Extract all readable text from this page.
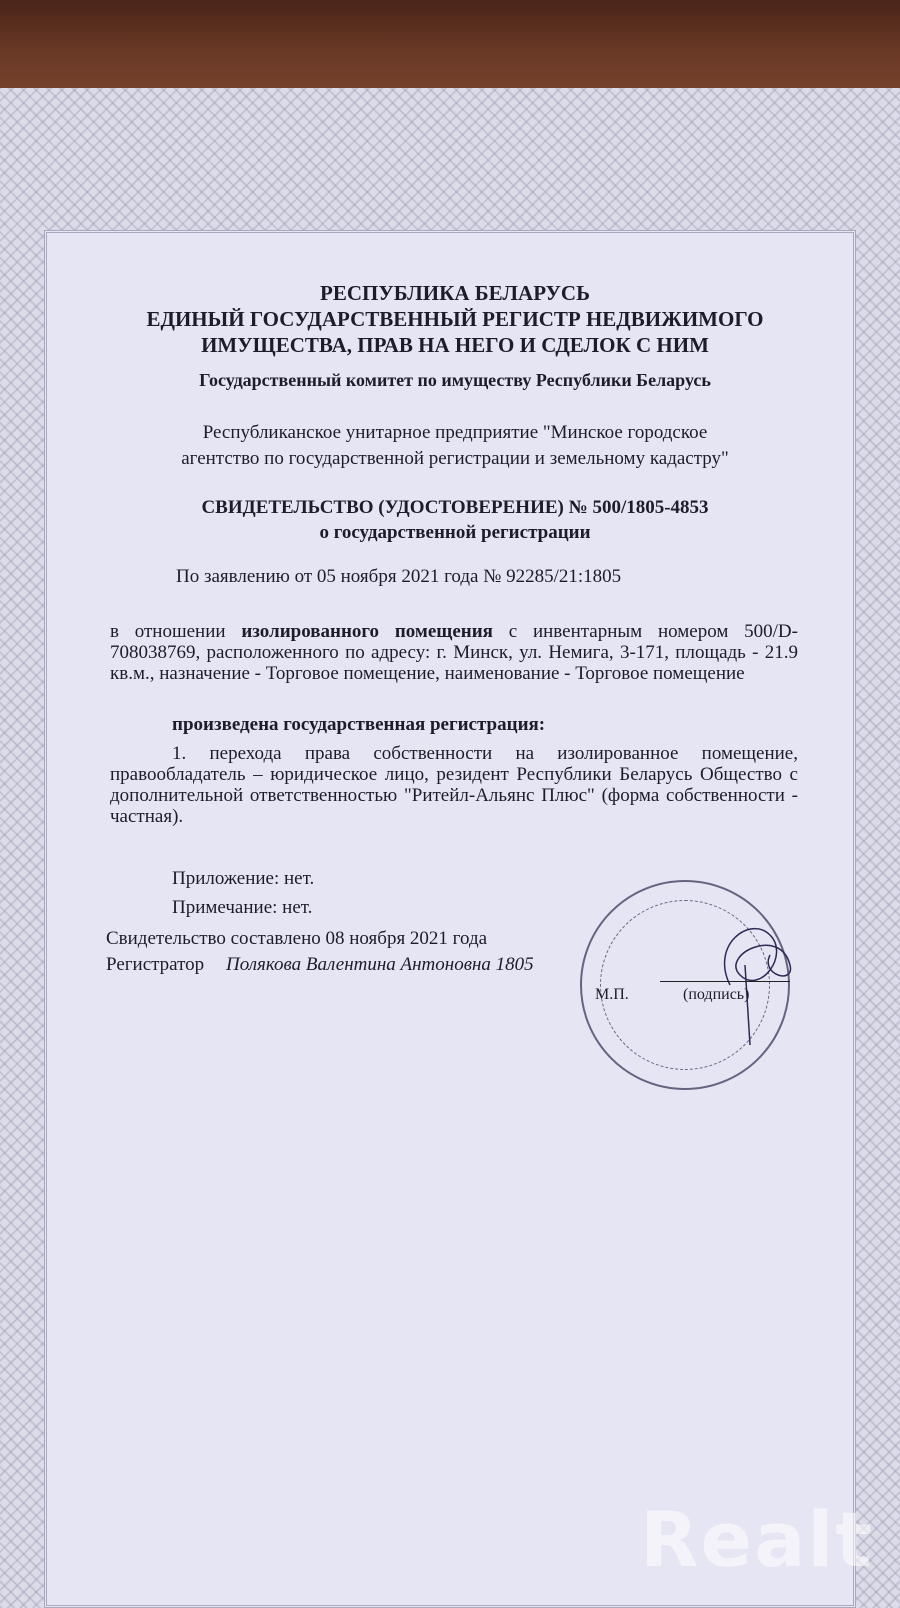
РЕСПУБЛИКА БЕЛАРУСЬ
ЕДИНЫЙ ГОСУДАРСТВЕННЫЙ РЕГИСТР НЕДВИЖИМОГО
ИМУЩЕСТВА, ПРАВ НА НЕГО И СДЕЛОК С НИМ
Государственный комитет по имуществу Республики Беларусь
Республиканское унитарное предприятие "Минское городское
агентство по государственной регистрации и земельному кадастру"
СВИДЕТЕЛЬСТВО (УДОСТОВЕРЕНИЕ) № 500/1805-4853
о государственной регистрации
По заявлению от 05 ноября 2021 года № 92285/21:1805
в отношении изолированного помещения с инвентарным номером 500/D-708038769, расположенного по адресу: г. Минск, ул. Немига, 3-171, площадь - 21.9 кв.м., назначение - Торговое помещение, наименование - Торговое помещение
произведена государственная регистрация:
1. перехода права собственности на изолированное помещение, правообладатель – юридическое лицо, резидент Республики Беларусь Общество с дополнительной ответственностью "Ритейл-Альянс Плюс" (форма собственности - частная).
Приложение: нет.
Примечание: нет.
Свидетельство составлено 08 ноября 2021 года
Регистратор Полякова Валентина Антоновна 1805
М.П.	(подпись)
Realt
